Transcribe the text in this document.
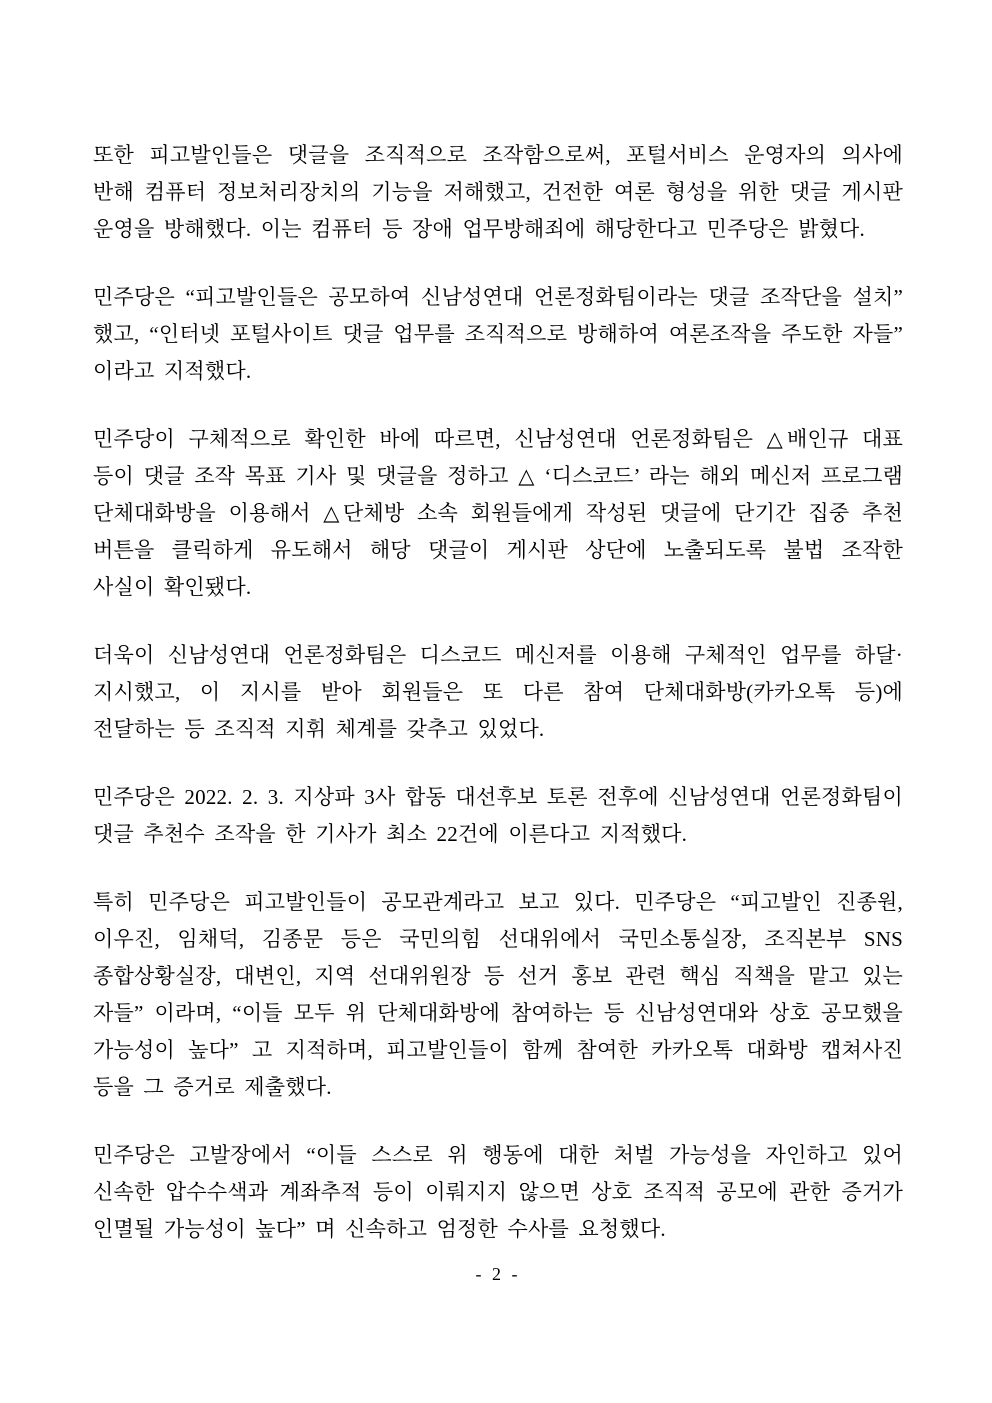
또한 피고발인들은 댓글을 조직적으로 조작함으로써, 포털서비스 운영자의 의사에 반해 컴퓨터 정보처리장치의 기능을 저해했고, 건전한 여론 형성을 위한 댓글 게시판 운영을 방해했다. 이는 컴퓨터 등 장애 업무방해죄에 해당한다고 민주당은 밝혔다.

민주당은 “피고발인들은 공모하여 신남성연대 언론정화팀이라는 댓글 조작단을 설치” 했고, “인터넷 포털사이트 댓글 업무를 조직적으로 방해하여 여론조작을 주도한 자들” 이라고 지적했다.

민주당이 구체적으로 확인한 바에 따르면, 신남성연대 언론정화팀은 △배인규 대표 등이 댓글 조작 목표 기사 및 댓글을 정하고 △ ‘디스코드’ 라는 해외 메신저 프로그램 단체대화방을 이용해서 △단체방 소속 회원들에게 작성된 댓글에 단기간 집중 추천 버튼을 클릭하게 유도해서 해당 댓글이 게시판 상단에 노출되도록 불법 조작한 사실이 확인됐다.

더욱이 신남성연대 언론정화팀은 디스코드 메신저를 이용해 구체적인 업무를 하달·지시했고, 이 지시를 받아 회원들은 또 다른 참여 단체대화방(카카오톡 등)에 전달하는 등 조직적 지휘 체계를 갖추고 있었다.

민주당은 2022. 2. 3. 지상파 3사 합동 대선후보 토론 전후에 신남성연대 언론정화팀이 댓글 추천수 조작을 한 기사가 최소 22건에 이른다고 지적했다.

특히 민주당은 피고발인들이 공모관계라고 보고 있다. 민주당은 “피고발인 진종원, 이우진, 임채덕, 김종문 등은 국민의힘 선대위에서 국민소통실장, 조직본부 SNS 종합상황실장, 대변인, 지역 선대위원장 등 선거 홍보 관련 핵심 직책을 맡고 있는 자들” 이라며, “이들 모두 위 단체대화방에 참여하는 등 신남성연대와 상호 공모했을 가능성이 높다” 고 지적하며, 피고발인들이 함께 참여한 카카오톡 대화방 캡쳐사진 등을 그 증거로 제출했다.

민주당은 고발장에서 “이들 스스로 위 행동에 대한 처벌 가능성을 자인하고 있어 신속한 압수수색과 계좌추적 등이 이뤄지지 않으면 상호 조직적 공모에 관한 증거가 인멸될 가능성이 높다” 며 신속하고 엄정한 수사를 요청했다.

- 2 -
